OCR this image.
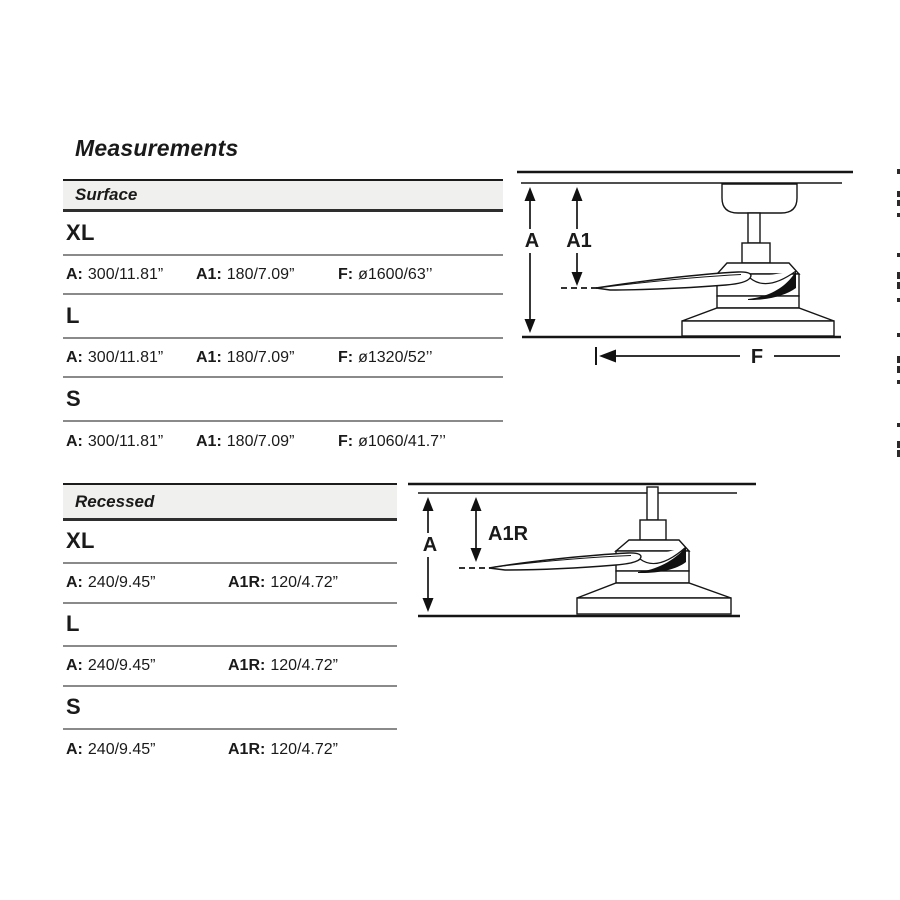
Measurements
Surface
XL
A: 300/11.81” A1: 180/7.09”	F: ø1600/63’’
L
A: 300/11.81” A1: 180/7.09”	F: ø1320/52’’
S
A: 300/11.81” A1: 180/7.09”	F: ø1060/41.7’’
Recessed
XL
A: 240/9.45”	A1R: 120/4.72”
L
A: 240/9.45”	A1R: 120/4.72”
S
A: 240/9.45”	A1R: 120/4.72”
A	A1
F
A	A1R
